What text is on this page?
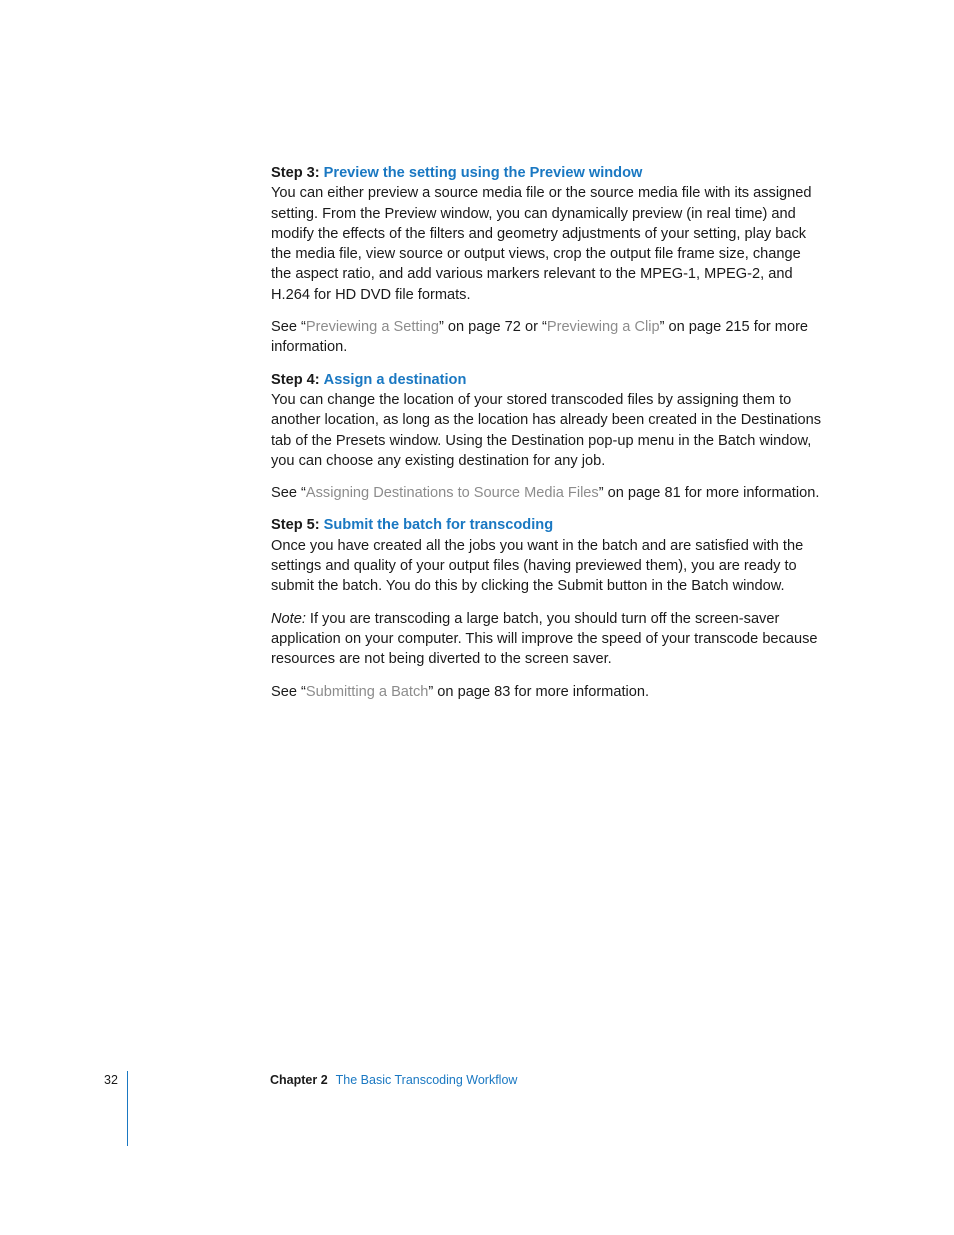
Step 3: Preview the setting using the Preview window

You can either preview a source media file or the source media file with its assigned setting. From the Preview window, you can dynamically preview (in real time) and modify the effects of the filters and geometry adjustments of your setting, play back the media file, view source or output views, crop the output file frame size, change the aspect ratio, and add various markers relevant to the MPEG-1, MPEG-2, and H.264 for HD DVD file formats.

See “Previewing a Setting” on page 72 or “Previewing a Clip” on page 215 for more information.

Step 4: Assign a destination

You can change the location of your stored transcoded files by assigning them to another location, as long as the location has already been created in the Destinations tab of the Presets window. Using the Destination pop-up menu in the Batch window, you can choose any existing destination for any job.

See “Assigning Destinations to Source Media Files” on page 81 for more information.

Step 5: Submit the batch for transcoding

Once you have created all the jobs you want in the batch and are satisfied with the settings and quality of your output files (having previewed them), you are ready to submit the batch. You do this by clicking the Submit button in the Batch window.

Note: If you are transcoding a large batch, you should turn off the screen-saver application on your computer. This will improve the speed of your transcode because resources are not being diverted to the screen saver.

See “Submitting a Batch” on page 83 for more information.

32	Chapter 2 The Basic Transcoding Workflow
